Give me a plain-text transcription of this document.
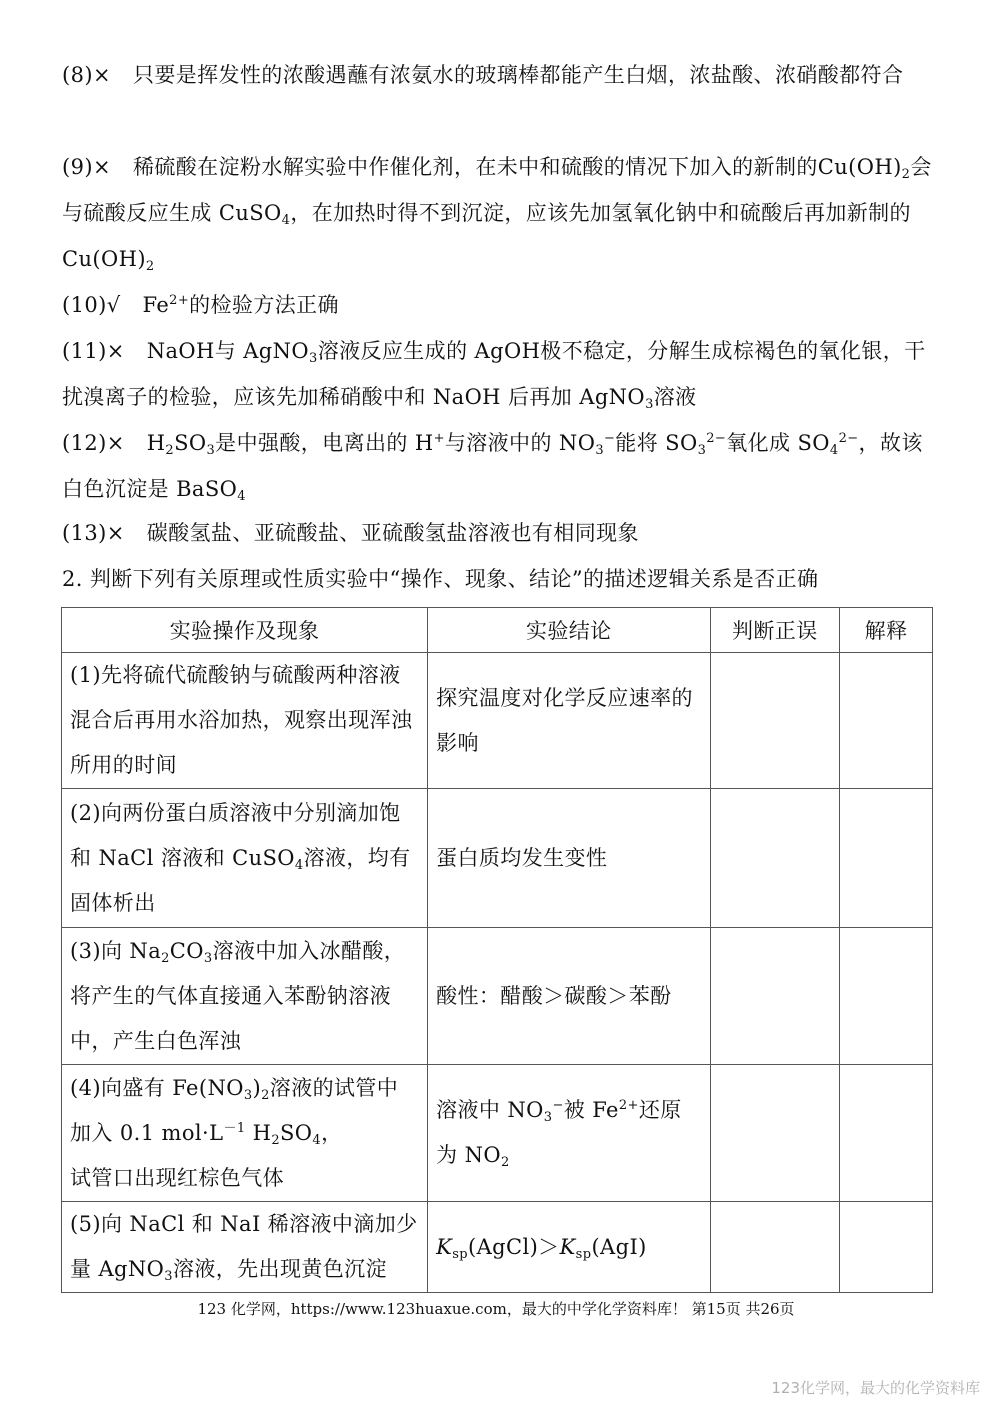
(8)× 只要是挥发性的浓酸遇蘸有浓氨水的玻璃棒都能产生白烟，浓盐酸、浓硝酸都符合
(9)× 稀硫酸在淀粉水解实验中作催化剂，在未中和硫酸的情况下加入的新制的$Cu(OH)_2$会与硫酸反应生成 CuSO$_4$，在加热时得不到沉淀，应该先加氢氧化钠中和硫酸后再加新制的 $Cu(OH)_2$
(10)√ $Fe^{2+}$的检验方法正确
(11)× NaOH与 AgNO$_3$溶液反应生成的 AgOH极不稳定，分解生成棕褐色的氧化银，干扰溴离子的检验，应该先加稀硝酸中和 NaOH 后再加 AgNO$_3$溶液
$(12)\times H_2SO_3$是中强酸，电离出的 H+与溶液中的 $NO_3^-$能将 $SO_3^{2-}$氧化成 $SO_4^{2-}$，故该白色沉淀是 BaSO$_4$
(13)× 碳酸氢盐、亚硫酸盐、亚硫酸氢盐溶液也有相同现象
2. 判断下列有关原理或性质实验中“操作、现象、结论”的描述逻辑关系是否正确
实验操作及现象	实验结论	判断正误	解释
(1)先将硫代硫酸钠与硫酸两种溶液混合后再用水浴加热，观察出现浑浊所用的时间	探究温度对化学反应速率的影响		
(2)向两份蛋白质溶液中分别滴加饱和 NaCl 溶液和 CuSO$_4$溶液，均有固体析出	蛋白质均发生变性		
(3)向 $Na_2CO_3$溶液中加入冰醋酸，将产生的气体直接通入苯酚钠溶液中，产生白色浑浊	酸性：醋酸＞碳酸＞苯酚		
(4)向盛有 $Fe(NO_3)_2$溶液的试管中加入 0.1 $mol\cdot L^{-1}$ $H_2SO_4$，
试管口出现红棕色气体	溶液中 $NO_3^-$被 $Fe^{2+}$还原为 $NO_2$		
(5)向 NaCl 和 NaI 稀溶液中滴加少量 AgNO$_3$溶液，先出现黄色沉淀	$K_{sp}(AgCl)>K_{sp}(AgI)$		
123 化学网，https://www.123huaxue.com，最大的中学化学资料库！ 第15页 共26页
123化学网，最大的化学资料库
